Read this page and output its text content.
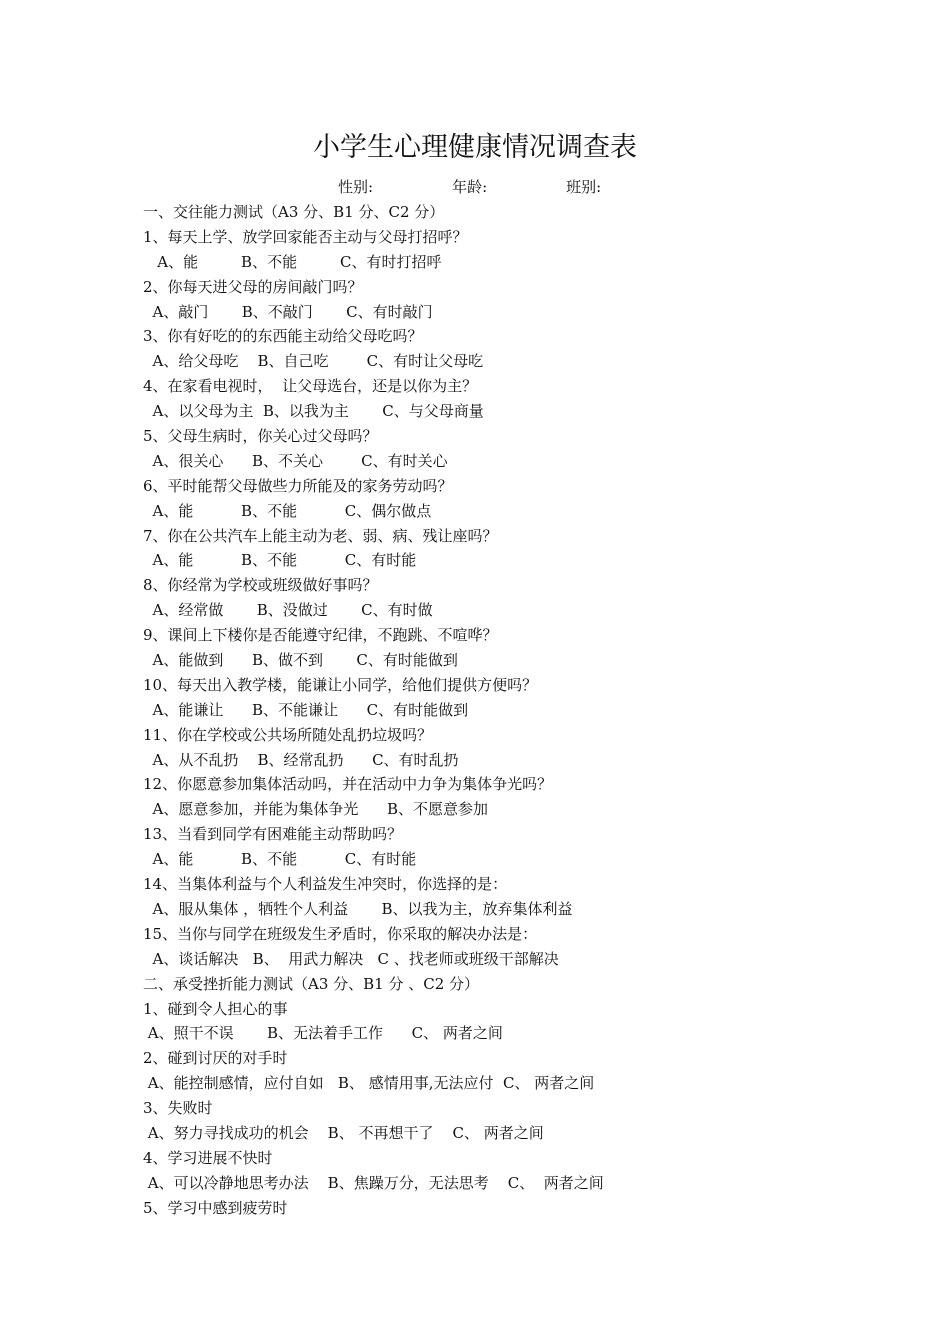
小学生心理健康情况调查表
性别:	年龄:	班别:
一、交往能力测试（A3 分、B1 分、C2 分）
1、每天上学、放学回家能否主动与父母打招呼？
A、能         B、不能         C、有时打招呼
2、你每天进父母的房间敲门吗？
A、敲门       B、不敲门       C、有时敲门
3、你有好吃的的东西能主动给父母吃吗？
A、给父母吃    B、自己吃        C、有时让父母吃
4、在家看电视时，  让父母选台，还是以你为主？
A、以父母为主  B、以我为主       C、与父母商量
5、父母生病时，你关心过父母吗？
A、很关心      B、不关心        C、有时关心
6、平时能帮父母做些力所能及的家务劳动吗？
A、能          B、不能          C、偶尔做点
7、你在公共汽车上能主动为老、弱、病、残让座吗？
A、能          B、不能          C、有时能
8、你经常为学校或班级做好事吗？
A、经常做       B、没做过       C、有时做
9、课间上下楼你是否能遵守纪律，不跑跳、不喧哗？
A、能做到      B、做不到       C、有时能做到
10、每天出入教学楼，能谦让小同学，给他们提供方便吗？
A、能谦让      B、不能谦让      C、有时能做到
11、你在学校或公共场所随处乱扔垃圾吗？
A、从不乱扔    B、经常乱扔      C、有时乱扔
12、你愿意参加集体活动吗，并在活动中力争为集体争光吗？
A、愿意参加，并能为集体争光      B、不愿意参加
13、当看到同学有困难能主动帮助吗？
A、能          B、不能          C、有时能
14、当集体利益与个人利益发生冲突时，你选择的是：
A、服从集体 ，牺牲个人利益       B、以我为主，放弃集体利益
15、当你与同学在班级发生矛盾时，你采取的解决办法是：
A、谈话解决   B、  用武力解决   C 、找老师或班级干部解决
二、承受挫折能力测试（A3 分、B1 分 、C2 分）
1、碰到令人担心的事
A、照干不误       B、无法着手工作      C、 两者之间
2、碰到讨厌的对手时
A、能控制感情，应付自如   B、 感情用事,无法应付  C、 两者之间
3、失败时
A、努力寻找成功的机会    B、 不再想干了    C、 两者之间
4、学习进展不快时
A、可以冷静地思考办法    B、焦躁万分，无法思考    C、  两者之间
5、学习中感到疲劳时
